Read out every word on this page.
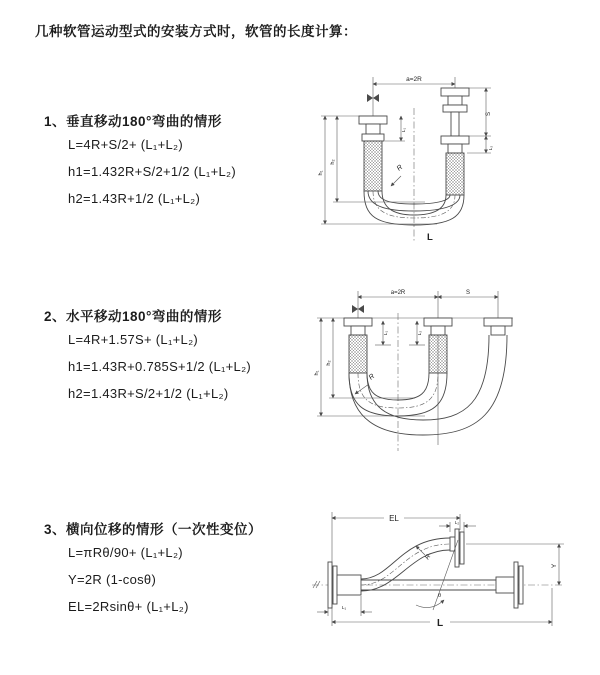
几种软管运动型式的安装方式时，软管的长度计算：
1、垂直移动180°弯曲的情形
L=4R+S/2+ (L₁+L₂)
h1=1.432R+S/2+1/2 (L₁+L₂)
h2=1.43R+1/2 (L₁+L₂)
a=2R
h₁
h₂
L₁
S
L₂
R
L
2、水平移动180°弯曲的情形
L=4R+1.57S+ (L₁+L₂)
h1=1.43R+0.785S+1/2 (L₁+L₂)
h2=1.43R+S/2+1/2 (L₁+L₂)
a=2R	S
h₁
h₂
L₁	L₂
R
3、横向位移的情形（一次性变位）
L=πRθ/90+ (L₁+L₂)
Y=2R (1-cosθ)
EL=2Rsinθ+ (L₁+L₂)
EL	L₂
Y
L₁
L
θ
R
